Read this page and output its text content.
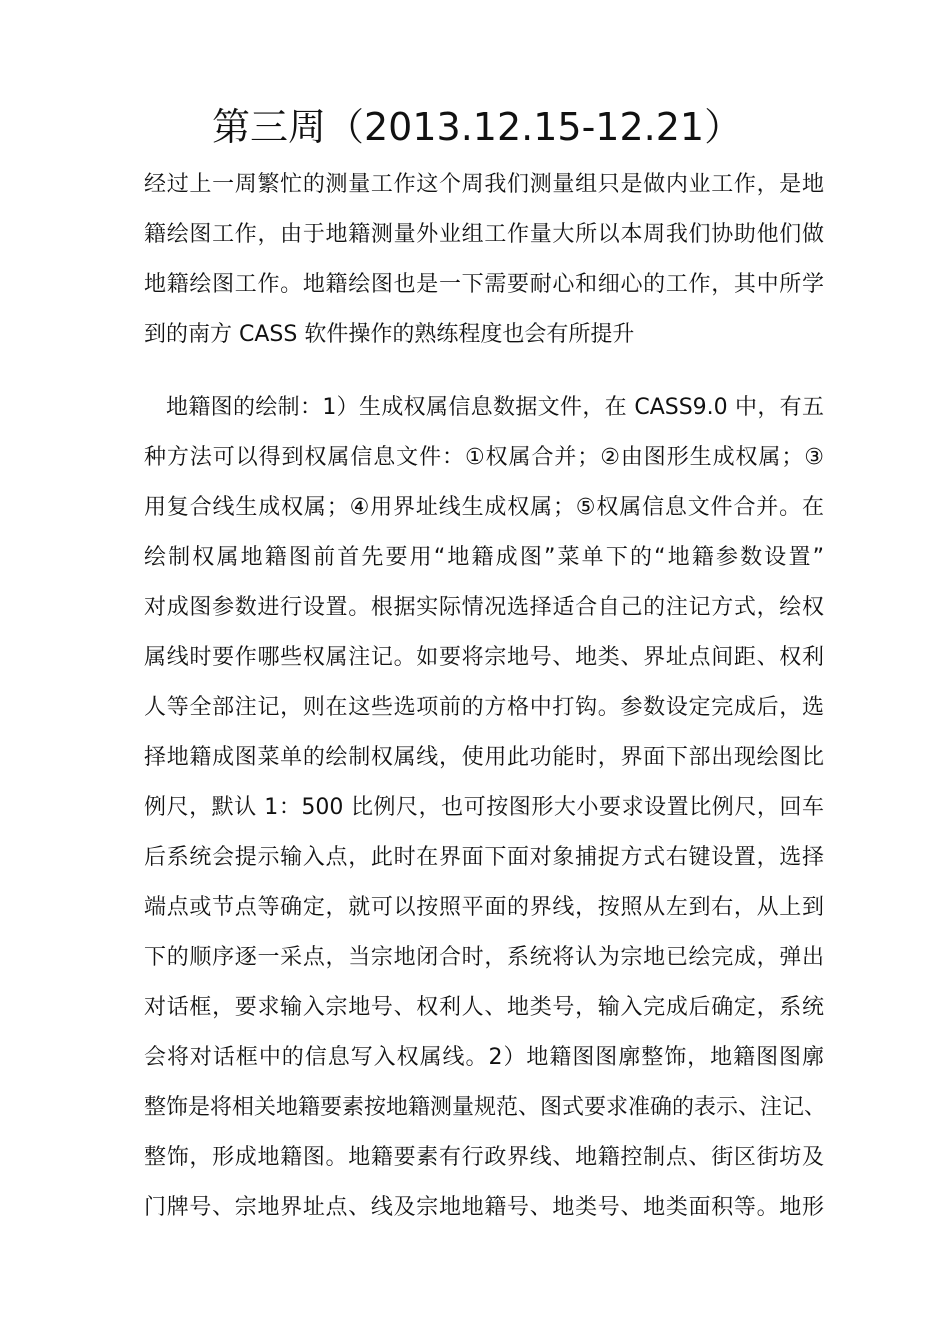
第三周（2013.12.15-12.21）
经过上一周繁忙的测量工作这个周我们测量组只是做内业工作，是地
籍绘图工作，由于地籍测量外业组工作量大所以本周我们协助他们做
地籍绘图工作。地籍绘图也是一下需要耐心和细心的工作，其中所学
到的南方 CASS 软件操作的熟练程度也会有所提升
地籍图的绘制：1）生成权属信息数据文件，在 CASS9.0 中，有五
种方法可以得到权属信息文件：①权属合并；②由图形生成权属；③
用复合线生成权属；④用界址线生成权属；⑤权属信息文件合并。在
绘制权属地籍图前首先要用“地籍成图”菜单下的“地籍参数设置”
对成图参数进行设置。根据实际情况选择适合自己的注记方式，绘权
属线时要作哪些权属注记。如要将宗地号、地类、界址点间距、权利
人等全部注记，则在这些选项前的方格中打钩。参数设定完成后，选
择地籍成图菜单的绘制权属线，使用此功能时，界面下部出现绘图比
例尺，默认 1：500 比例尺，也可按图形大小要求设置比例尺，回车
后系统会提示输入点，此时在界面下面对象捕捉方式右键设置，选择
端点或节点等确定，就可以按照平面的界线，按照从左到右，从上到
下的顺序逐一采点，当宗地闭合时，系统将认为宗地已绘完成，弹出
对话框，要求输入宗地号、权利人、地类号，输入完成后确定，系统
会将对话框中的信息写入权属线。2）地籍图图廓整饰，地籍图图廓
整饰是将相关地籍要素按地籍测量规范、图式要求准确的表示、注记、
整饰，形成地籍图。地籍要素有行政界线、地籍控制点、街区街坊及
门牌号、宗地界址点、线及宗地地籍号、地类号、地类面积等。地形
